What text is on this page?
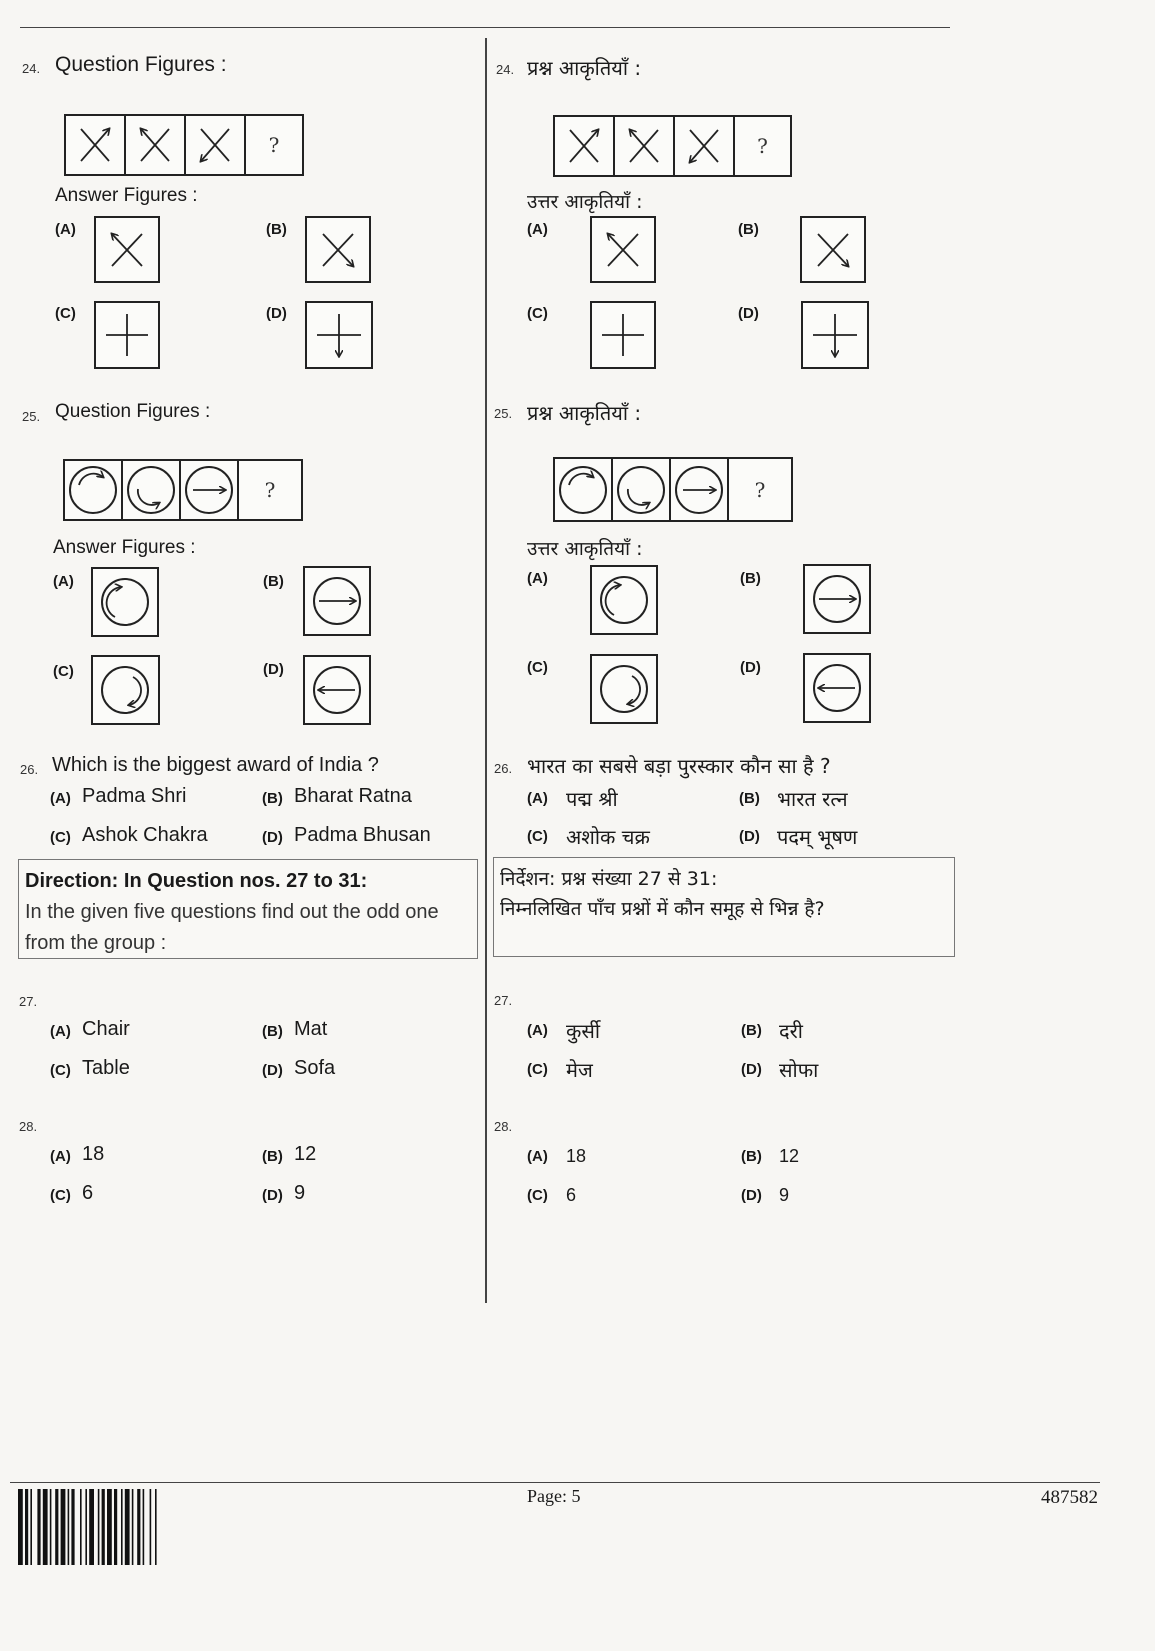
24. Question Figures :
?
Answer Figures :
(A)	(B)
(C)	(D)
25. Question Figures :
?
Answer Figures :
(A)	(B)
(C)	(D)
26. Which is the biggest award of India ?
(A) Padma Shri	(B) Bharat Ratna
(C) Ashok Chakra	(D) Padma Bhusan
Direction: In Question nos. 27 to 31:
In the given five questions find out the odd one from the group :
27.
(A) Chair	(B) Mat
(C) Table	(D) Sofa
28.
(A) 18	(B) 12
(C) 6	(D) 9
24. प्रश्न आकृतियाँ :
?
उत्तर आकृतियाँ :
(A)	(B)
(C)	(D)
25. प्रश्न आकृतियाँ :
?
उत्तर आकृतियाँ :
(A)	(B)
(C)	(D)
26. भारत का सबसे बड़ा पुरस्कार कौन सा है ?
(A) पद्म श्री	(B) भारत रत्न
(C) अशोक चक्र	(D) पदम् भूषण
निर्देशन: प्रश्न संख्या 27 से 31:
निम्नलिखित पाँच प्रश्नों में कौन समूह से भिन्न है?
27.
(A) कुर्सी	(B) दरी
(C) मेज	(D) सोफा
28.
(A) 18	(B) 12
(C) 6	(D) 9
Page: 5	487582
